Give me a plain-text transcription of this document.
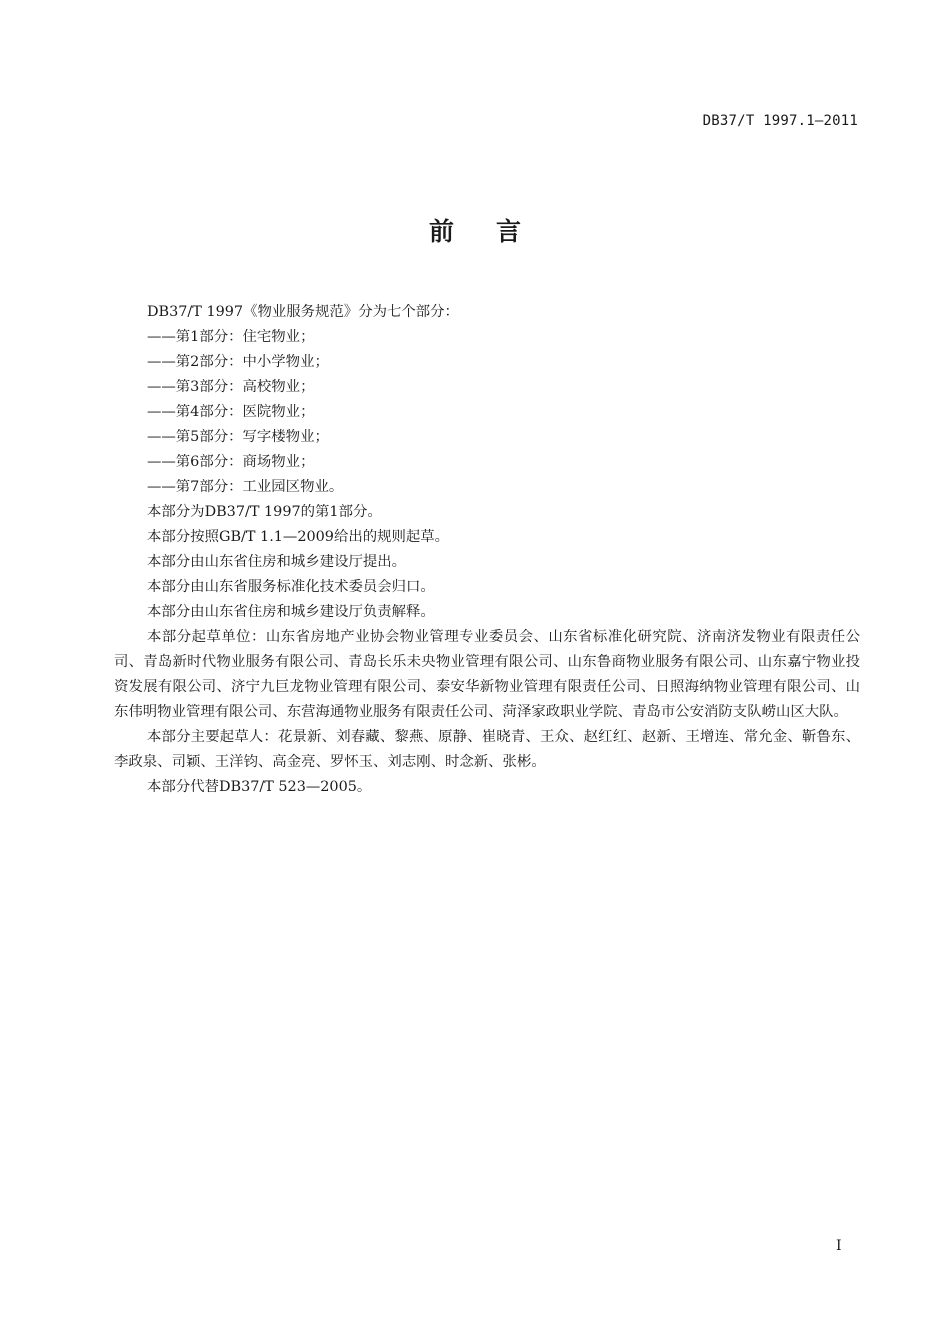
DB37/T 1997.1—2011
前言

DB37/T 1997《物业服务规范》分为七个部分：

——第1部分：住宅物业；

——第2部分：中小学物业；

——第3部分：高校物业；

——第4部分：医院物业；

——第5部分：写字楼物业；

——第6部分：商场物业；

——第7部分：工业园区物业。

本部分为DB37/T 1997的第1部分。

本部分按照GB/T 1.1—2009给出的规则起草。

本部分由山东省住房和城乡建设厅提出。

本部分由山东省服务标准化技术委员会归口。

本部分由山东省住房和城乡建设厅负责解释。

本部分起草单位：山东省房地产业协会物业管理专业委员会、山东省标准化研究院、济南济发物业有限责任公司、青岛新时代物业服务有限公司、青岛长乐未央物业管理有限公司、山东鲁商物业服务有限公司、山东嘉宁物业投资发展有限公司、济宁九巨龙物业管理有限公司、泰安华新物业管理有限责任公司、日照海纳物业管理有限公司、山东伟明物业管理有限公司、东营海通物业服务有限责任公司、菏泽家政职业学院、青岛市公安消防支队崂山区大队。

本部分主要起草人：花景新、刘春藏、黎燕、原静、崔晓青、王众、赵红红、赵新、王增连、常允金、靳鲁东、李政泉、司颖、王洋钧、高金亮、罗怀玉、刘志刚、时念新、张彬。

本部分代替DB37/T 523—2005。

I
